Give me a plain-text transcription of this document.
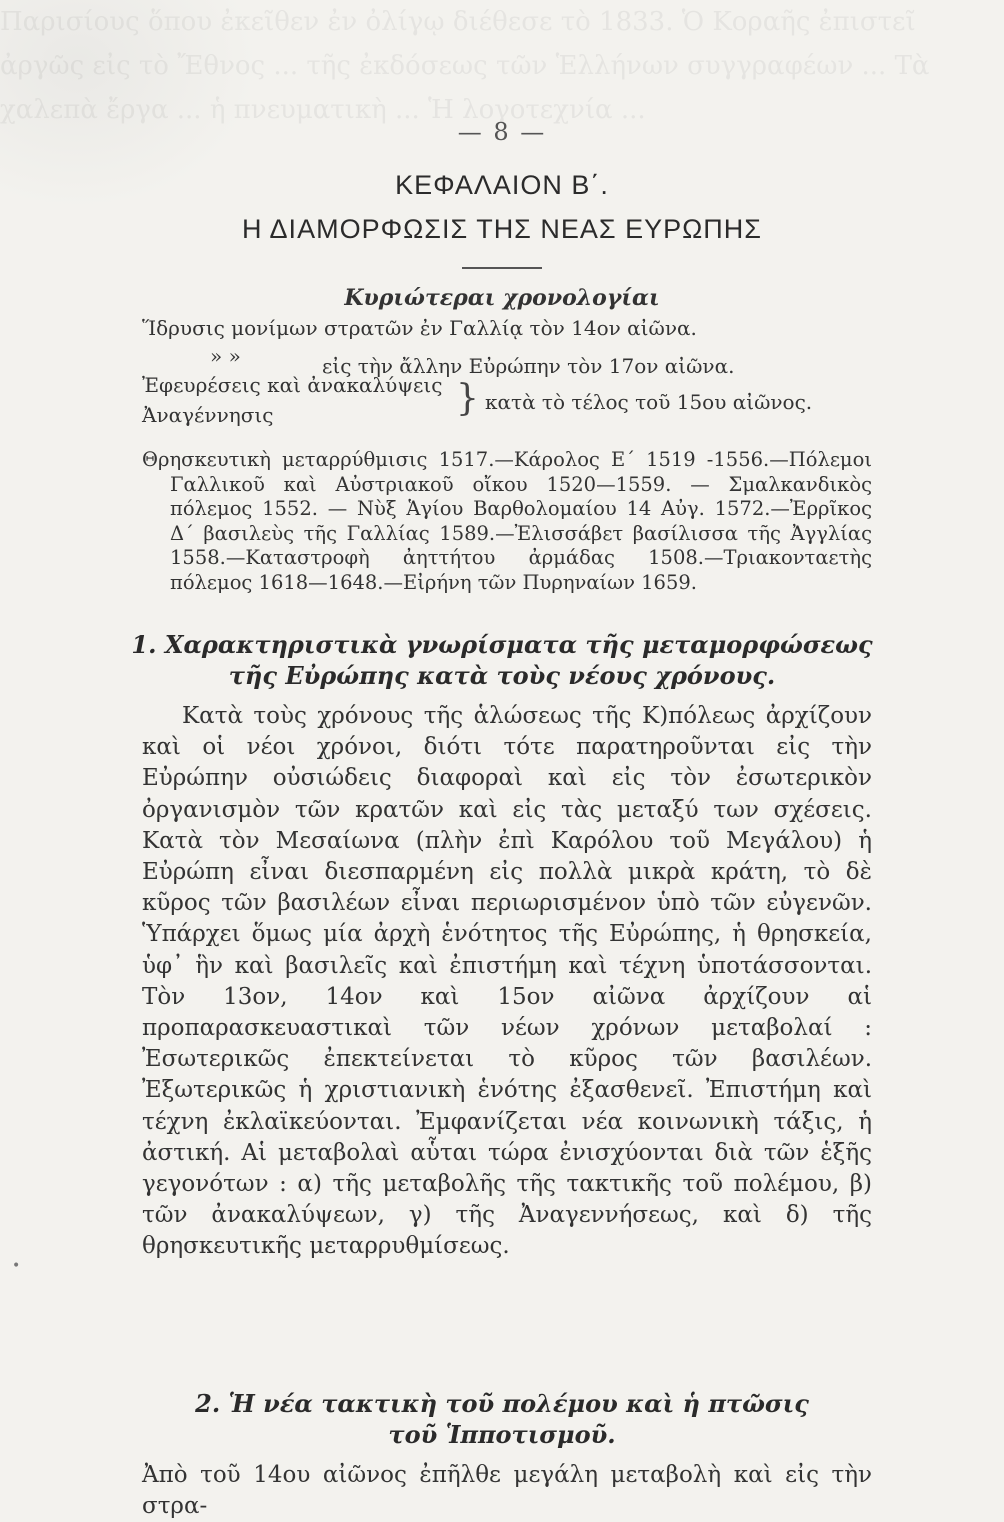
Παρισίους ὅπου ἐκεῖθεν ἐν ὀλίγῳ διέθεσε τὸ 1833. Ὁ Κοραῆς ἐπιστεῖ ἀργῶς εἰς τὸ Ἔθνος ... τῆς ἐκδόσεως τῶν Ἑλλήνων συγγραφέων ... Τὰ χαλεπὰ ἔργα ... ἡ πνευματικὴ ... Ἡ λογοτεχνία ...
— 8 —
ΚΕΦΑΛΑΙΟΝ Β΄.
Η ΔΙΑΜΟΡΦΩΣΙΣ ΤΗΣ ΝΕΑΣ ΕΥΡΩΠΗΣ
Κυριώτεραι χρονολογίαι
Ἵδρυσις μονίμων στρατῶν ἐν Γαλλίᾳ τὸν 14ον αἰῶνα.
» »	εἰς τὴν ἄλλην Εὐρώπην τὸν 17ον αἰῶνα.
Ἐφευρέσεις καὶ ἀνακαλύψεις
Ἀναγέννησις	} κατὰ τὸ τέλος τοῦ 15ου αἰῶνος.
Θρησκευτικὴ μεταρρύθμισις 1517.—Κάρολος Ε΄ 1519 -1556.—Πόλεμοι Γαλλικοῦ καὶ Αὐστριακοῦ οἴκου 1520—1559. — Σμαλκανδικὸς πόλεμος 1552. — Νὺξ Ἁγίου Βαρθολομαίου 14 Αὐγ. 1572.—Ἐρρῖκος Δ΄ βασιλεὺς τῆς Γαλλίας 1589.—Ἐλισσάβετ βασίλισσα τῆς Ἀγγλίας 1558.—Καταστροφὴ ἀηττήτου ἀρμάδας 1508.—Τριακονταετὴς πόλεμος 1618—1648.—Εἰρήνη τῶν Πυρηναίων 1659.
1. Χαρακτηριστικὰ γνωρίσματα τῆς μεταμορφώσεως
τῆς Εὐρώπης κατὰ τοὺς νέους χρόνους.
Κατὰ τοὺς χρόνους τῆς ἁλώσεως τῆς Κ)πόλεως ἀρχίζουν καὶ οἱ νέοι χρόνοι, διότι τότε παρατηροῦνται εἰς τὴν Εὐρώπην οὐσιώδεις διαφοραὶ καὶ εἰς τὸν ἐσωτερικὸν ὀργανισμὸν τῶν κρατῶν καὶ εἰς τὰς μεταξύ των σχέσεις. Κατὰ τὸν Μεσαίωνα (πλὴν ἐπὶ Καρόλου τοῦ Μεγάλου) ἡ Εὐρώπη εἶναι διεσπαρμένη εἰς πολλὰ μικρὰ κράτη, τὸ δὲ κῦρος τῶν βασιλέων εἶναι περιωρισμένον ὑπὸ τῶν εὐγενῶν. Ὑπάρχει ὅμως μία ἀρχὴ ἑνότητος τῆς Εὐρώπης, ἡ θρησκεία, ὑφ᾽ ἣν καὶ βασιλεῖς καὶ ἐπιστήμη καὶ τέχνη ὑποτάσσονται. Τὸν 13ον, 14ον καὶ 15ον αἰῶνα ἀρχίζουν αἱ προπαρασκευαστικαὶ τῶν νέων χρόνων μεταβολαί : Ἐσωτερικῶς ἐπεκτείνεται τὸ κῦρος τῶν βασιλέων. Ἐξωτερικῶς ἡ χριστιανικὴ ἑνότης ἐξασθενεῖ. Ἐπιστήμη καὶ τέχνη ἐκλαϊκεύονται. Ἐμφανίζεται νέα κοινωνικὴ τάξις, ἡ ἀστική. Αἱ μεταβολαὶ αὗται τώρα ἐνισχύονται διὰ τῶν ἑξῆς γεγονότων : α) τῆς μεταβολῆς τῆς τακτικῆς τοῦ πολέμου, β) τῶν ἀνακαλύψεων, γ) τῆς Ἀναγεννήσεως, καὶ δ) τῆς θρησκευτικῆς μεταρρυθμίσεως.
2. Ἡ νέα τακτικὴ τοῦ πολέμου καὶ ἡ πτῶσις
τοῦ Ἱπποτισμοῦ.
Ἀπὸ τοῦ 14ου αἰῶνος ἐπῆλθε μεγάλη μεταβολὴ καὶ εἰς τὴν στρα-
•
